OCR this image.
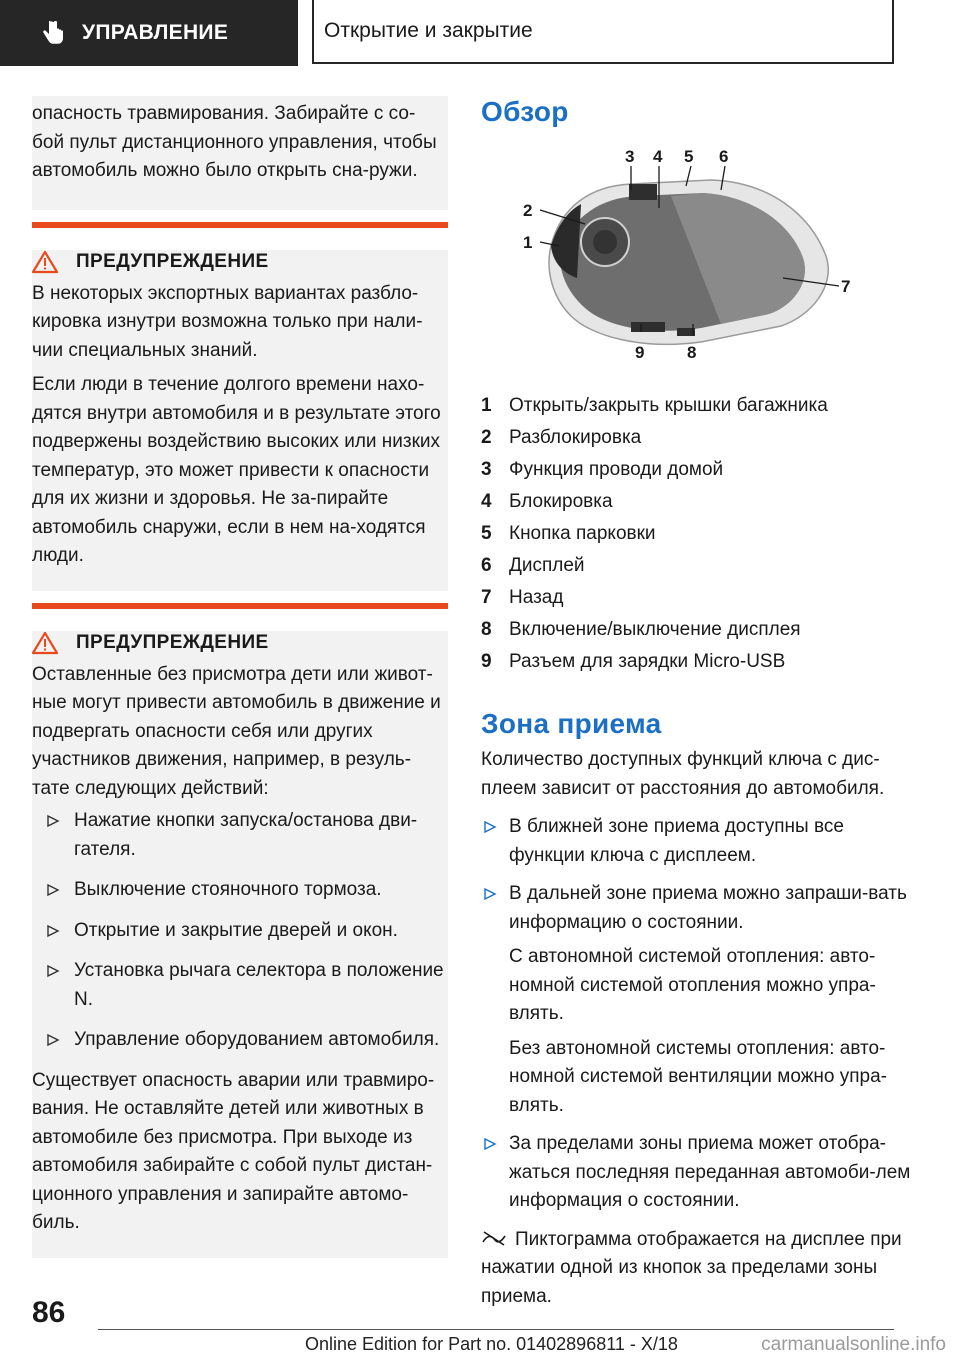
УПРАВЛЕНИЕ	Открытие и закрытие

опасность травмирования. Забирайте с со-бой пульт дистанционного управления, чтобы автомобиль можно было открыть сна-ружи.

ПРЕДУПРЕЖДЕНИЕ

В некоторых экспортных вариантах разбло-кировка изнутри возможна только при нали-чии специальных знаний.

Если люди в течение долгого времени нахо-дятся внутри автомобиля и в результате этого подвержены воздействию высоких или низких температур, это может привести к опасности для их жизни и здоровья. Не за-пирайте автомобиль снаружи, если в нем на-ходятся люди.

ПРЕДУПРЕЖДЕНИЕ

Оставленные без присмотра дети или живот-ные могут привести автомобиль в движение и подвергать опасности себя или других участников движения, например, в резуль-тате следующих действий:

Нажатие кнопки запуска/останова дви-гателя.
Выключение стояночного тормоза.
Открытие и закрытие дверей и окон.
Установка рычага селектора в положение N.
Управление оборудованием автомобиля.

Существует опасность аварии или травмиро-вания. Не оставляйте детей или животных в автомобиле без присмотра. При выходе из автомобиля забирайте с собой пульт дистан-ционного управления и запирайте автомо-биль.

Обзор
1
2
3 4 5 6
7
8
9
1 Открыть/закрыть крышки багажника
2 Разблокировка
3 Функция проводи домой
4 Блокировка
5 Кнопка парковки
6 Дисплей
7 Назад
8 Включение/выключение дисплея
9 Разъем для зарядки Micro-USB
Зона приема

Количество доступных функций ключа с дис-плеем зависит от расстояния до автомобиля.

В ближней зоне приема доступны все функции ключа с дисплеем.
В дальней зоне приема можно запраши-вать информацию о состоянии.
С автономной системой отопления: авто-номной системой отопления можно упра-влять.
Без автономной системы отопления: авто-номной системой вентиляции можно упра-влять.
За пределами зоны приема может отобра-жаться последняя переданная автомоби-лем информация о состоянии.
Пиктограмма отображается на дисплее при нажатии одной из кнопок за пределами зоны приема.
86
Online Edition for Part no. 01402896811 - X/18	carmanualsonline.info
